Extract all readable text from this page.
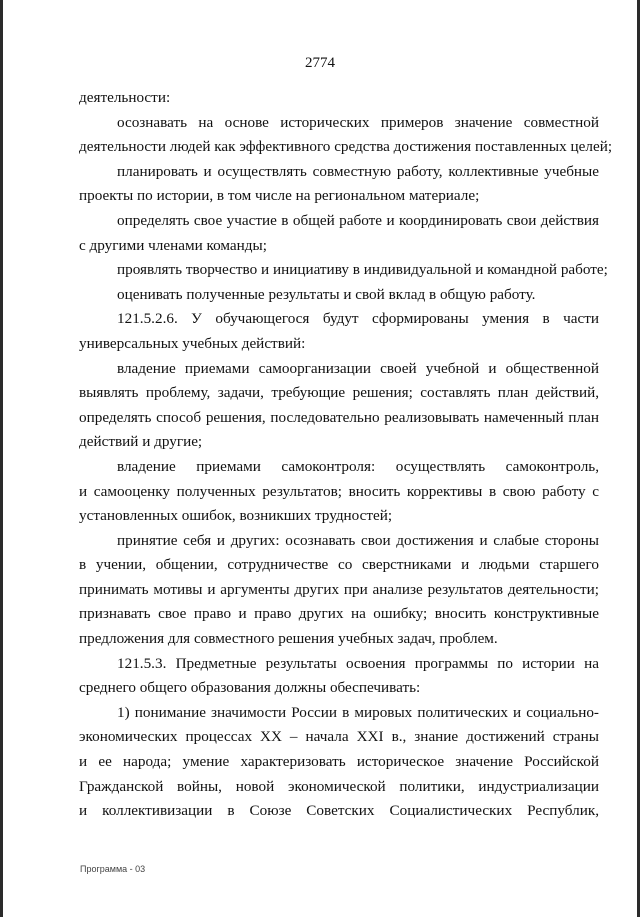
2774
деятельности:
осознавать на основе исторических примеров значение совместной
деятельности людей как эффективного средства достижения поставленных целей;
планировать и осуществлять совместную работу, коллективные учебные
проекты по истории, в том числе на региональном материале;
определять свое участие в общей работе и координировать свои действия
с другими членами команды;
проявлять творчество и инициативу в индивидуальной и командной работе;
оценивать полученные результаты и свой вклад в общую работу.
121.5.2.6. У обучающегося будут сформированы умения в части
универсальных учебных действий:
владение приемами самоорганизации своей учебной и общественной
выявлять проблему, задачи, требующие решения; составлять план действий,
определять способ решения, последовательно реализовывать намеченный план
действий и другие;
владение приемами самоконтроля: осуществлять самоконтроль,
и самооценку полученных результатов; вносить коррективы в свою работу с
установленных ошибок, возникших трудностей;
принятие себя и других: осознавать свои достижения и слабые стороны
в учении, общении, сотрудничестве со сверстниками и людьми старшего
принимать мотивы и аргументы других при анализе результатов деятельности;
признавать свое право и право других на ошибку; вносить конструктивные
предложения для совместного решения учебных задач, проблем.
121.5.3. Предметные результаты освоения программы по истории на
среднего общего образования должны обеспечивать:
1) понимание значимости России в мировых политических и социально-
экономических процессах XX – начала XXI в., знание достижений страны
и ее народа; умение характеризовать историческое значение Российской
Гражданской войны, новой экономической политики, индустриализации
и коллективизации в Союзе Советских Социалистических Республик,
Программа - 03
